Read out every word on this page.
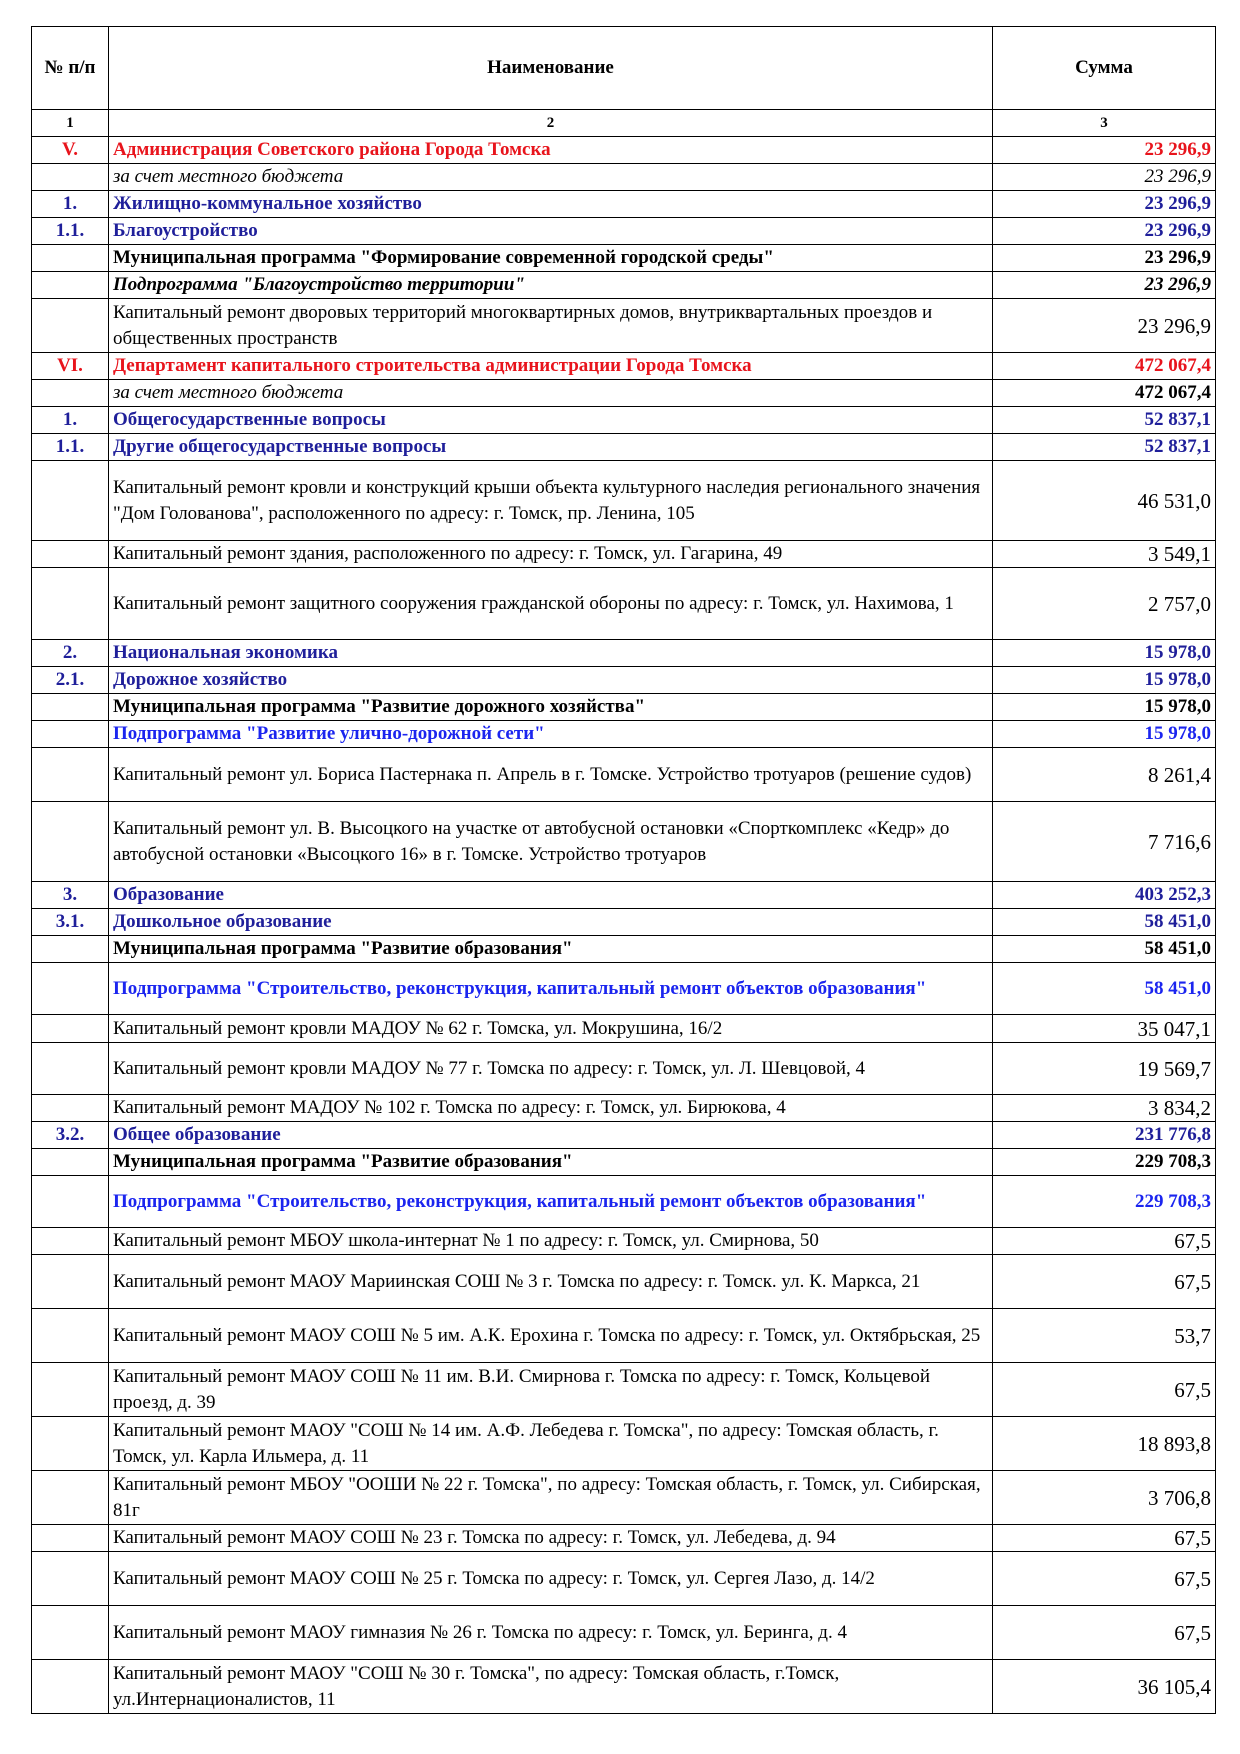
№ п/п	Наименование	Сумма
1	2	3
V.	Администрация Советского района Города Томска	23 296,9
	за счет местного бюджета	23 296,9
1.	Жилищно-коммунальное хозяйство	23 296,9
1.1.	Благоустройство	23 296,9
	Муниципальная программа "Формирование современной городской среды"	23 296,9
	Подпрограмма "Благоустройство территории"	23 296,9
	Капитальный ремонт дворовых территорий многоквартирных домов, внутриквартальных проездов и общественных пространств	23 296,9
VI.	Департамент капитального строительства администрации Города Томска	472 067,4
	за счет местного бюджета	472 067,4
1.	Общегосударственные вопросы	52 837,1
1.1.	Другие общегосударственные вопросы	52 837,1
	Капитальный ремонт кровли и конструкций крыши объекта культурного наследия регионального значения "Дом Голованова", расположенного по адресу: г. Томск, пр. Ленина, 105	46 531,0
	Капитальный ремонт здания, расположенного по адресу: г. Томск, ул. Гагарина, 49	3 549,1
	Капитальный ремонт защитного сооружения гражданской обороны по адресу: г. Томск, ул. Нахимова, 1	2 757,0
2.	Национальная экономика	15 978,0
2.1.	Дорожное хозяйство	15 978,0
	Муниципальная программа "Развитие дорожного хозяйства"	15 978,0
	Подпрограмма "Развитие улично-дорожной сети"	15 978,0
	Капитальный ремонт ул. Бориса Пастернака п. Апрель в г. Томске. Устройство тротуаров (решение судов)	8 261,4
	Капитальный ремонт ул. В. Высоцкого на участке от автобусной остановки «Спорткомплекс «Кедр» до автобусной остановки «Высоцкого 16» в г. Томске. Устройство тротуаров	7 716,6
3.	Образование	403 252,3
3.1.	Дошкольное образование	58 451,0
	Муниципальная программа "Развитие образования"	58 451,0
	Подпрограмма "Строительство, реконструкция, капитальный ремонт объектов образования"	58 451,0
	Капитальный ремонт кровли МАДОУ № 62 г. Томска, ул. Мокрушина, 16/2	35 047,1
	Капитальный ремонт кровли МАДОУ № 77 г. Томска по адресу: г. Томск, ул. Л. Шевцовой, 4	19 569,7
	Капитальный ремонт МАДОУ № 102 г. Томска по адресу: г. Томск, ул. Бирюкова, 4	3 834,2
3.2.	Общее образование	231 776,8
	Муниципальная программа "Развитие образования"	229 708,3
	Подпрограмма "Строительство, реконструкция, капитальный ремонт объектов образования"	229 708,3
	Капитальный ремонт МБОУ школа-интернат № 1 по адресу: г. Томск, ул. Смирнова, 50	67,5
	Капитальный ремонт МАОУ Мариинская СОШ № 3 г. Томска по адресу: г. Томск. ул. К. Маркса, 21	67,5
	Капитальный ремонт МАОУ СОШ № 5 им. А.К. Ерохина г. Томска по адресу: г. Томск, ул. Октябрьская, 25	53,7
	Капитальный ремонт МАОУ СОШ № 11 им. В.И. Смирнова г. Томска по адресу: г. Томск, Кольцевой проезд, д. 39	67,5
	Капитальный ремонт МАОУ "СОШ № 14 им. А.Ф. Лебедева г. Томска", по адресу: Томская область, г. Томск, ул. Карла Ильмера, д. 11	18 893,8
	Капитальный ремонт МБОУ "ООШИ № 22 г. Томска", по адресу: Томская область, г. Томск, ул. Сибирская, 81г	3 706,8
	Капитальный ремонт МАОУ СОШ № 23 г. Томска по адресу: г. Томск, ул. Лебедева, д. 94	67,5
	Капитальный ремонт МАОУ СОШ № 25 г. Томска по адресу: г. Томск, ул. Сергея Лазо, д. 14/2	67,5
	Капитальный ремонт МАОУ гимназия № 26 г. Томска по адресу: г. Томск, ул. Беринга, д. 4	67,5
	Капитальный ремонт МАОУ "СОШ № 30 г. Томска", по адресу: Томская область, г.Томск, ул.Интернационалистов, 11	36 105,4
